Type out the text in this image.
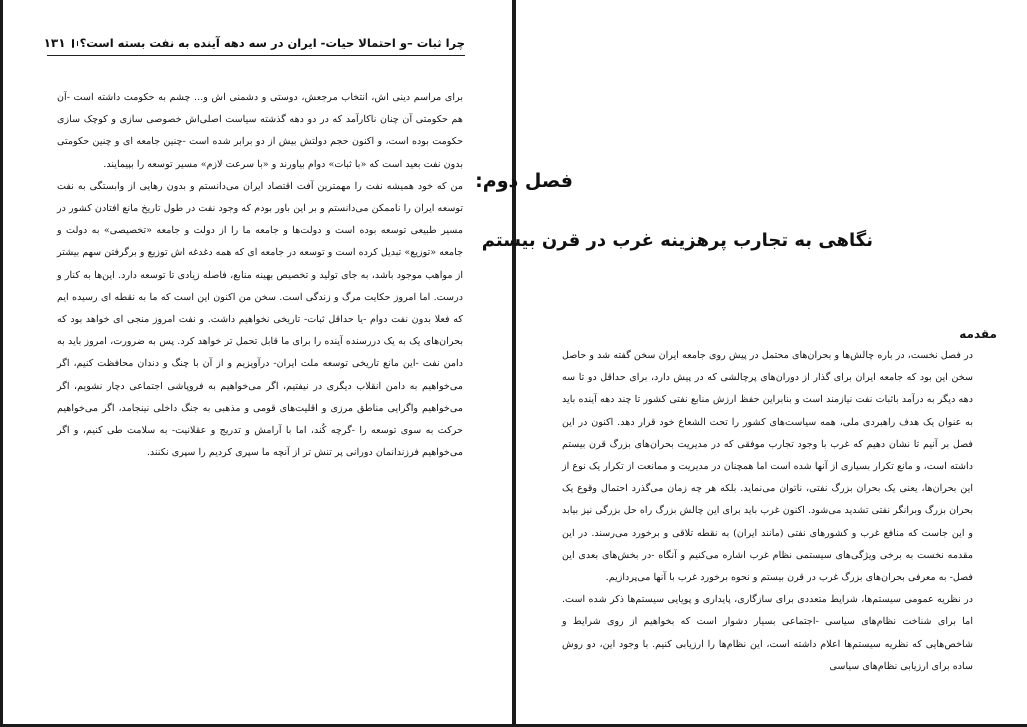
چرا ثبات –و احتمالا حیات- ایران در سه دهه آینده به نفت بسته است؟
۱۳۱

برای مراسم دینی اش، انتخاب مرجعش، دوستی و دشمنی اش و... چشم به حکومت داشته است -آن هم حکومتی آن چنان ناکارآمد که در دو دهه گذشته سیاست اصلی‌اش خصوصی سازی و کوچک سازی حکومت بوده است، و اکنون حجم دولتش بیش از دو برابر شده است -چنین جامعه ای و چنین حکومتی بدون نفت بعید است که «با ثبات» دوام بیاورند و «با سرعت لازم» مسیر توسعه را بپیمایند.

من که خود همیشه نفت را مهمترین آفت اقتصاد ایران می‌دانستم و بدون رهایی از وابستگی به نفت توسعه ایران را ناممکن می‌دانستم و بر این باور بودم که وجود نفت در طول تاریخ مانع افتادن کشور در مسیر طبیعی توسعه بوده است و دولت‌ها و جامعه ما را از دولت و جامعه «تخصیصی» به دولت و جامعه «توزیع» تبدیل کرده است و توسعه در جامعه ای که همه دغدغه اش توزیع و برگرفتن سهم بیشتر از مواهب موجود باشد، به جای تولید و تخصیص بهینه منابع، فاصله زیادی تا توسعه دارد. این‌ها به کنار و درست. اما امروز حکایت مرگ و زندگی است. سخن من اکنون این است که ما به نقطه ای رسیده ایم که فعلا بدون نفت دوام -یا حداقل ثبات- تاریخی نخواهیم داشت. و نفت امروز منجی ای خواهد بود که بحران‌های یک به یک دررسنده آینده را برای ما قابل تحمل تر خواهد کرد. پس به ضرورت، امروز باید به دامن نفت -این مانع تاریخی توسعه ملت ایران- درآویزیم و از آن با چنگ و دندان محافظت کنیم، اگر می‌خواهیم به دامن انقلاب دیگری در نیفتیم، اگر می‌خواهیم به فروپاشی اجتماعی دچار نشویم، اگر می‌خواهیم واگرایی مناطق مرزی و اقلیت‌های قومی و مذهبی به جنگ داخلی نینجامد، اگر می‌خواهیم حرکت به سوی توسعه را -گرچه کُند، اما با آرامش و تدریج و عقلانیت- به سلامت طی کنیم، و اگر می‌خواهیم فرزندانمان دورانی پر تنش تر از آنچه ما سپری کردیم را سپری نکنند.

فصل دوم:
نگاهی به تجارب پرهزینه غرب در قرن بیستم
مقدمه

در فصل نخست، در باره چالش‌ها و بحران‌های محتمل در پیش روی جامعه ایران سخن گفته شد و حاصل سخن این بود که جامعه ایران برای گذار از دوران‌های پرچالشی که در پیش دارد، برای حداقل دو تا سه دهه دیگر به درآمد باثبات نفت نیازمند است و بنابراین حفظ ارزش منابع نفتی کشور تا چند دهه آینده باید به عنوان یک هدف راهبردی ملی، همه سیاست‌های کشور را تحت الشعاع خود قرار دهد. اکنون در این فصل بر آنیم تا نشان دهیم که غرب با وجود تجارب موفقی که در مدیریت بحران‌های بزرگ قرن بیستم داشته است، و مانع تکرار بسیاری از آنها شده است اما همچنان در مدیریت و ممانعت از تکرار یک نوع از این بحران‌ها، یعنی یک بحران بزرگ نفتی، ناتوان می‌نماید. بلکه هر چه زمان می‌گذرد احتمال وقوع یک بحران بزرگ وبرانگر نفتی تشدید می‌شود. اکنون غرب باید برای این چالش بزرگ راه حل بزرگی نیز بیابد و این جاست که منافع غرب و کشورهای نفتی (مانند ایران) به نقطه تلاقی و برخورد می‌رسند. در این مقدمه نخست به برخی ویژگی‌های سیستمی نظام غرب اشاره می‌کنیم و آنگاه -در بخش‌های بعدی این فصل- به معرفی بحران‌های بزرگ غرب در قرن بیستم و نحوه برخورد غرب با آنها می‌پردازیم.

در نظریه عمومی سیستم‌ها، شرایط متعددی برای سازگاری، پایداری و پویایی سیستم‌ها ذکر شده است. اما برای شناخت نظام‌های سیاسی -اجتماعی بسیار دشوار است که بخواهیم از روی شرایط و شاخص‌هایی که نظریه سیستم‌ها اعلام داشته است، این نظام‌ها را ارزیابی کنیم. با وجود این، دو روش ساده برای ارزیابی نظام‌های سیاسی
